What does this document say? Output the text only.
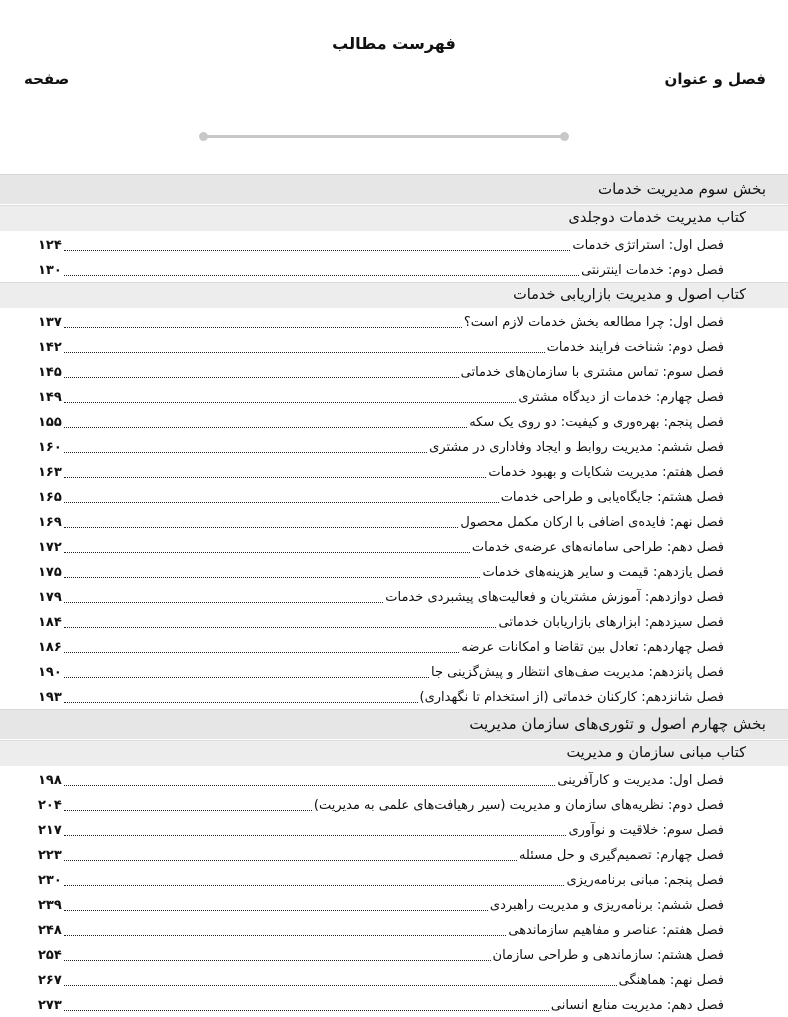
فهرست مطالب
فصل و عنوان
صفحه
بخش سوم مدیریت خدمات
کتاب مدیریت خدمات دوجلدی
فصل اول: استراتژی خدمات
۱۲۴
فصل دوم: خدمات اینترنتی
۱۳۰
کتاب اصول و مدیریت بازاریابی خدمات
فصل اول: چرا مطالعه بخش خدمات لازم است؟
۱۳۷
فصل دوم: شناخت فرایند خدمات
۱۴۲
فصل سوم: تماس مشتری با سازمان‌های خدماتی
۱۴۵
فصل چهارم: خدمات از دیدگاه مشتری
۱۴۹
فصل پنجم: بهره‌وری و کیفیت: دو روی یک سکه
۱۵۵
فصل ششم: مدیریت روابط و ایجاد وفاداری در مشتری
۱۶۰
فصل هفتم: مدیریت شکایات و بهبود خدمات
۱۶۳
فصل هشتم: جایگاه‌یابی و طراحی خدمات
۱۶۵
فصل نهم: فایده‌ی اضافی با ارکان مکمل محصول
۱۶۹
فصل دهم: طراحی سامانه‌های عرضه‌ی خدمات
۱۷۲
فصل یازدهم: قیمت و سایر هزینه‌های خدمات
۱۷۵
فصل دوازدهم: آموزش مشتریان و فعالیت‌های پیشبردی خدمات
۱۷۹
فصل سیزدهم: ابزارهای بازاریابان خدماتی
۱۸۴
فصل چهاردهم: تعادل بین تقاضا و امکانات عرضه
۱۸۶
فصل پانزدهم: مدیریت صف‌های انتظار و پیش‌گزینی جا
۱۹۰
فصل شانزدهم: کارکنان خدماتی (از استخدام تا نگهداری)
۱۹۳
بخش چهارم اصول و تئوری‌های سازمان مدیریت
کتاب مبانی سازمان و مدیریت
فصل اول: مدیریت و کارآفرینی
۱۹۸
فصل دوم: نظریه‌های سازمان و مدیریت (سیر رهیافت‌های علمی به مدیریت)
۲۰۴
فصل سوم: خلاقیت و نوآوری
۲۱۷
فصل چهارم: تصمیم‌گیری و حل مسئله
۲۲۳
فصل پنجم: مبانی برنامه‌ریزی
۲۳۰
فصل ششم: برنامه‌ریزی و مدیریت راهبردی
۲۳۹
فصل هفتم: عناصر و مفاهیم سازماندهی
۲۴۸
فصل هشتم: سازماندهی و طراحی سازمان
۲۵۴
فصل نهم: هماهنگی
۲۶۷
فصل دهم: مدیریت منابع انسانی
۲۷۳
